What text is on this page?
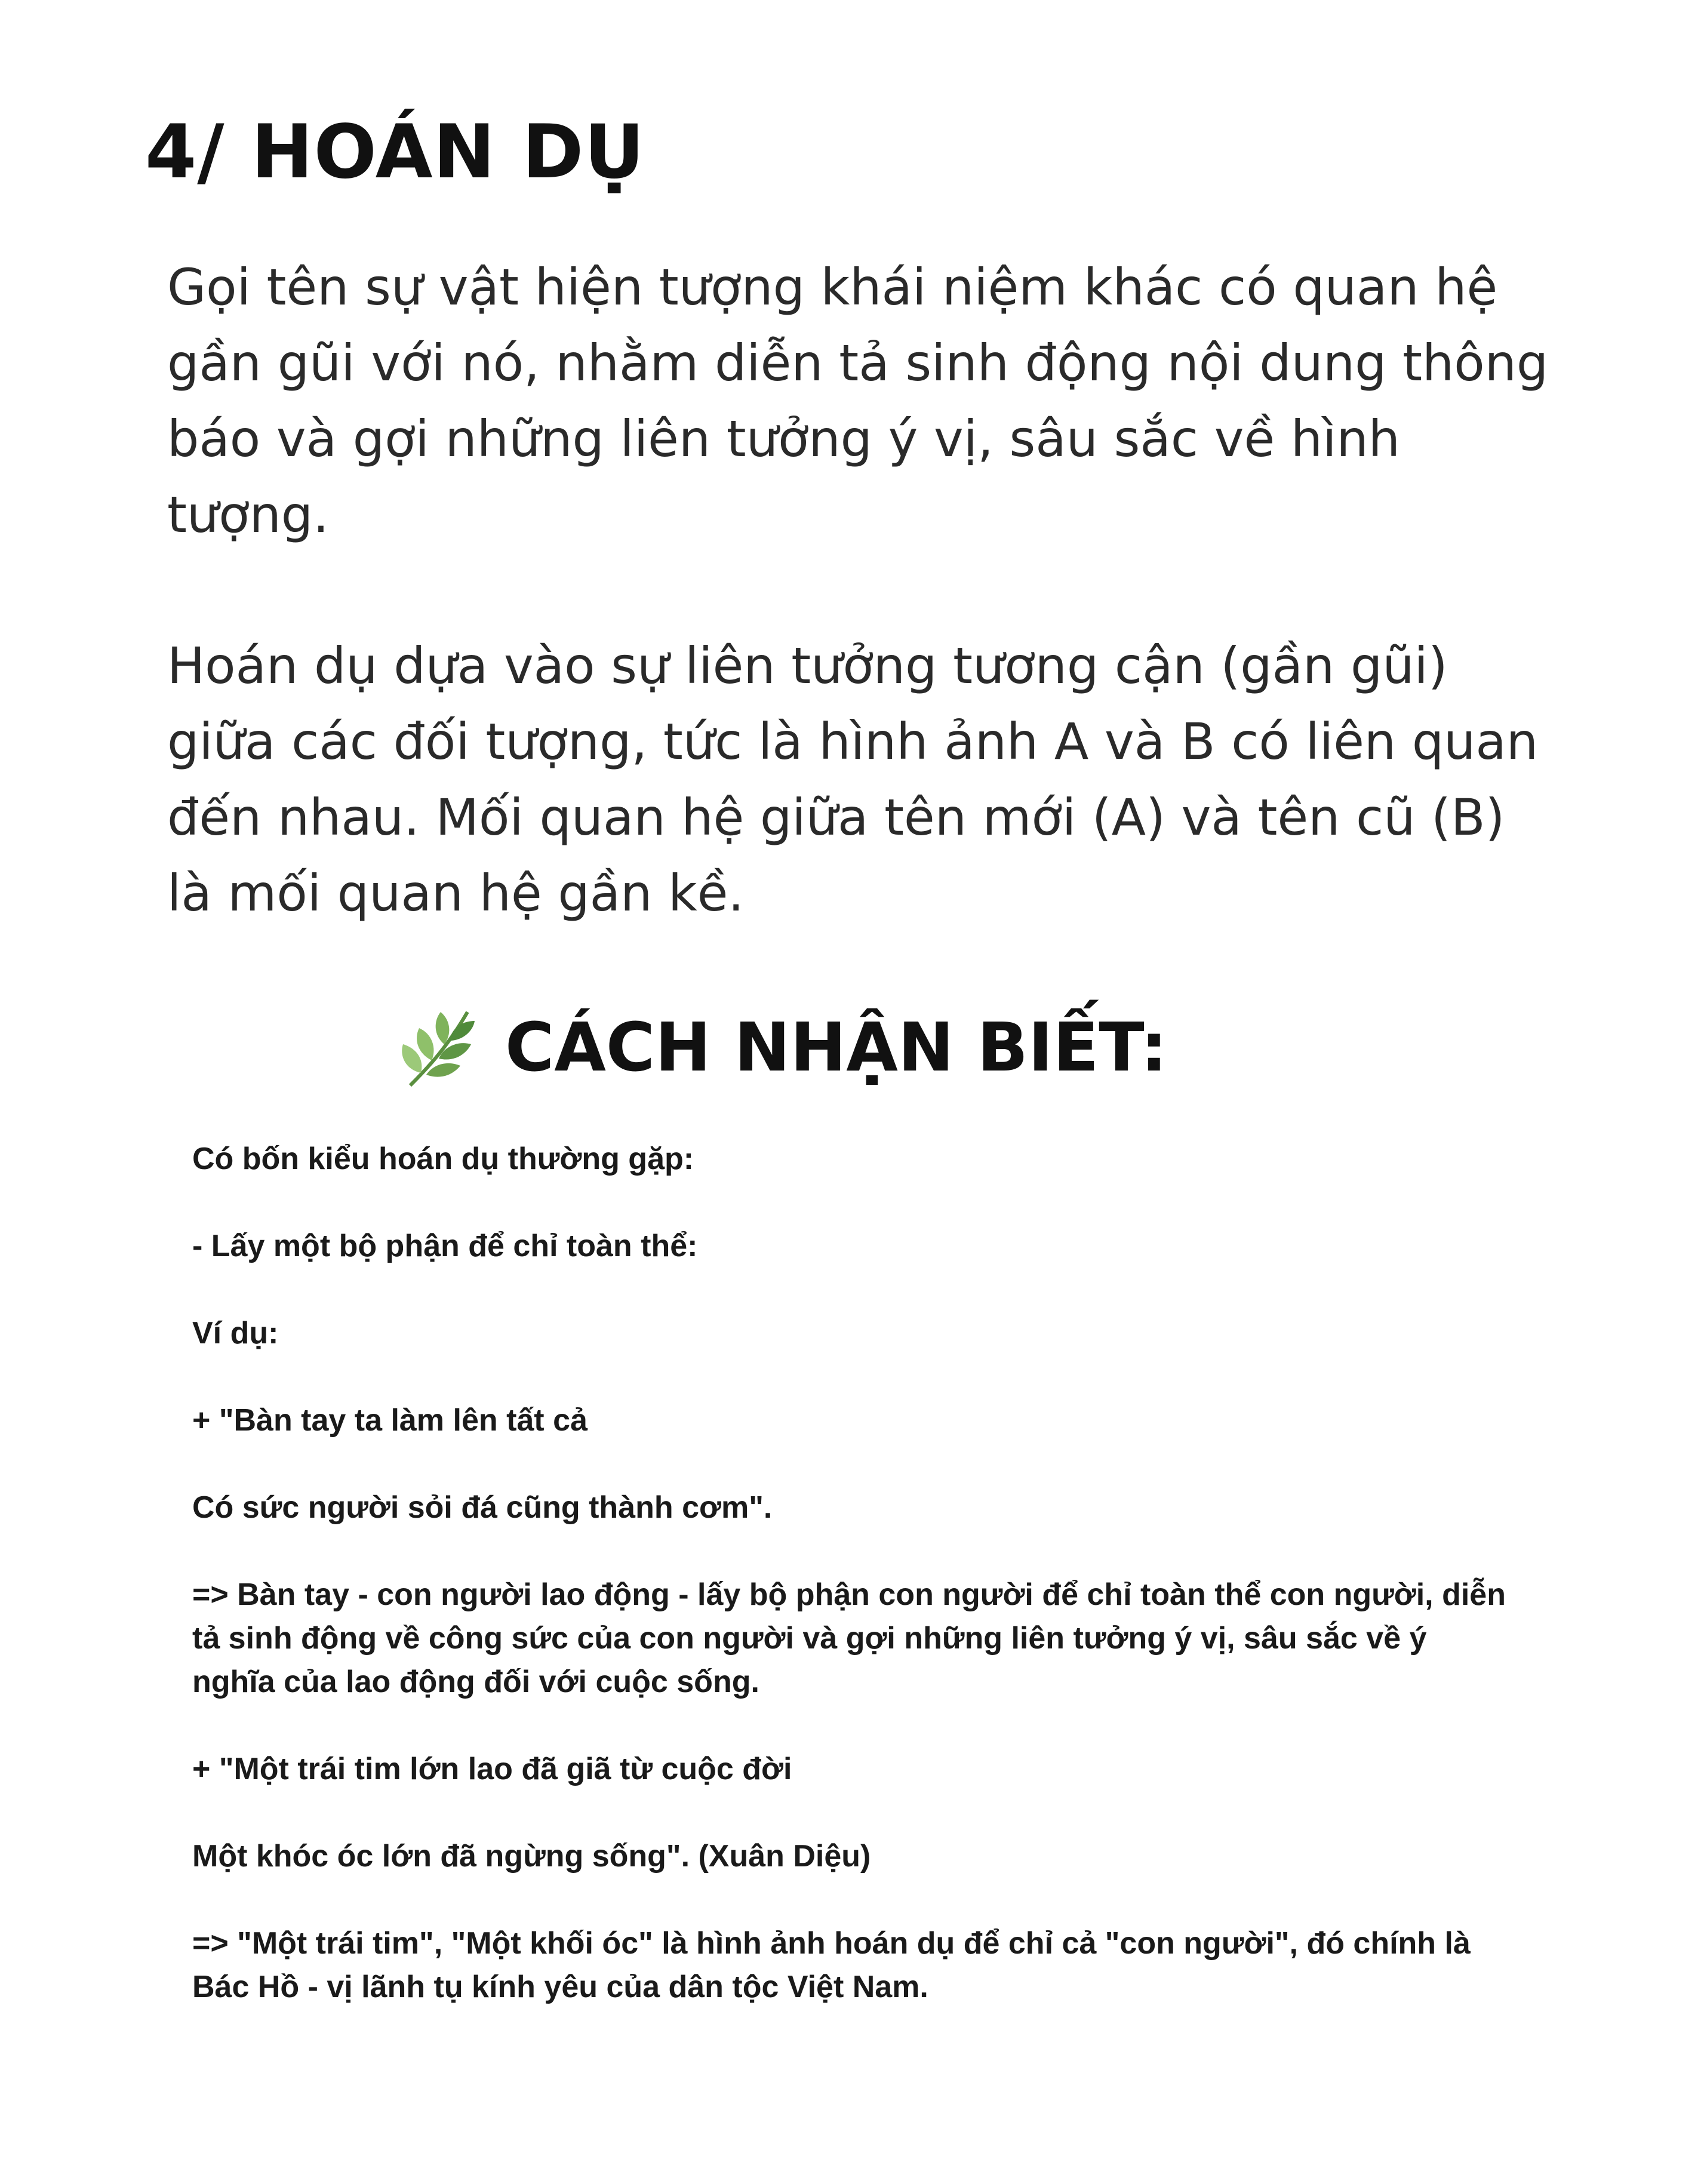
4/ HOÁN DỤ

Gọi tên sự vật hiện tượng khái niệm khác có quan hệ gần gũi với nó, nhằm diễn tả sinh động nội dung thông báo và gợi những liên tưởng ý vị, sâu sắc về hình tượng.

Hoán dụ dựa vào sự liên tưởng tương cận (gần gũi) giữa các đối tượng, tức là hình ảnh A và B có liên quan đến nhau. Mối quan hệ giữa tên mới (A) và tên cũ (B) là mối quan hệ gần kề.

CÁCH NHẬN BIẾT:
Có bốn kiểu hoán dụ thường gặp:
- Lấy một bộ phận để chỉ toàn thể:
Ví dụ:
+ "Bàn tay ta làm lên tất cả
Có sức người sỏi đá cũng thành cơm".
=> Bàn tay - con người lao động - lấy bộ phận con người để chỉ toàn thể con người, diễn tả sinh động về công sức của con người và gợi những liên tưởng ý vị, sâu sắc về ý nghĩa của lao động đối với cuộc sống.
+ "Một trái tim lớn lao đã giã từ cuộc đời
Một khóc óc lớn đã ngừng sống". (Xuân Diệu)
=> "Một trái tim", "Một khối óc" là hình ảnh hoán dụ để chỉ cả "con người", đó chính là Bác Hồ - vị lãnh tụ kính yêu của dân tộc Việt Nam.
